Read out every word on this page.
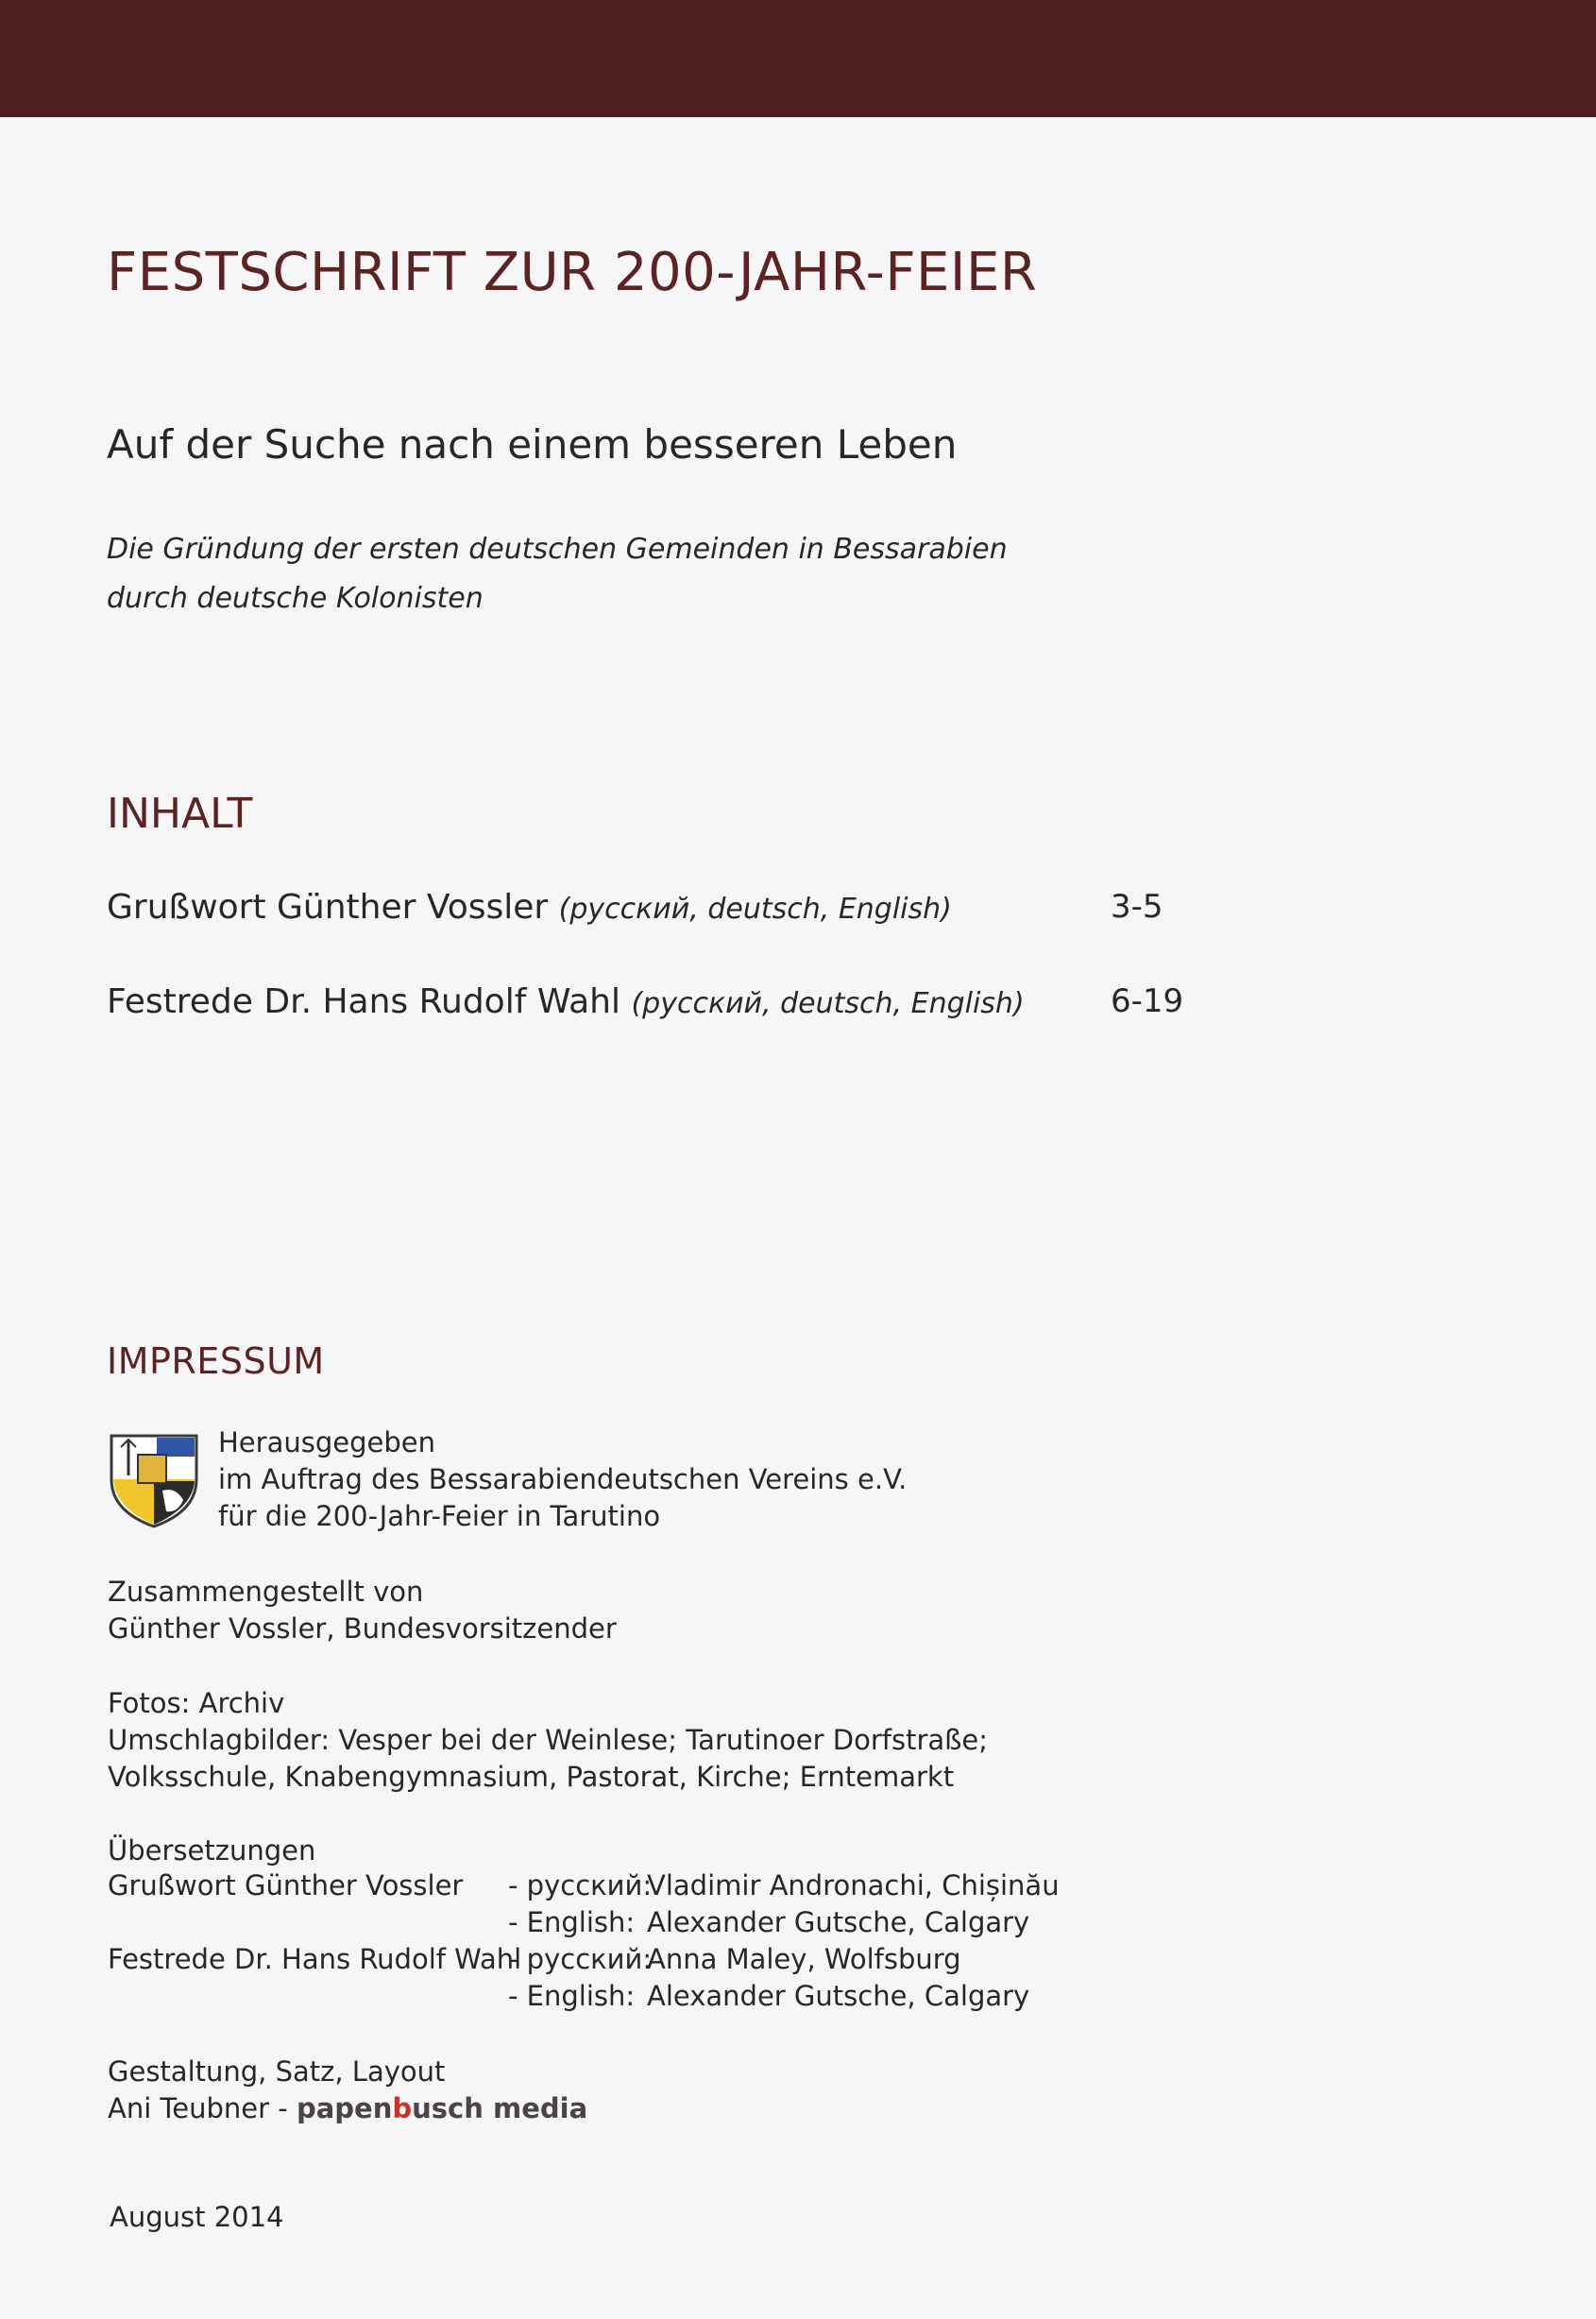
FESTSCHRIFT ZUR 200-JAHR-FEIER
Auf der Suche nach einem besseren Leben
Die Gründung der ersten deutschen Gemeinden in Bessarabien
durch deutsche Kolonisten
INHALT
Grußwort Günther Vossler (русский, deutsch, English)	3-5
Festrede Dr. Hans Rudolf Wahl (русский, deutsch, English)	6-19
IMPRESSUM
Herausgegeben
im Auftrag des Bessarabiendeutschen Vereins e.V.
für die 200-Jahr-Feier in Tarutino
Zusammengestellt von
Günther Vossler, Bundesvorsitzender
Fotos: Archiv
Umschlagbilder: Vesper bei der Weinlese; Tarutinoer Dorfstraße;
Volksschule, Knabengymnasium, Pastorat, Kirche; Erntemarkt
Übersetzungen
Grußwort Günther Vossler - русский:
Vladimir Andronachi, Chișinău
- English: Alexander Gutsche, Calgary
Festrede Dr. Hans Rudolf Wahl
- русский:
Anna Maley, Wolfsburg
- English: Alexander Gutsche, Calgary
Gestaltung, Satz, Layout
Ani Teubner - papenbusch media
August 2014
